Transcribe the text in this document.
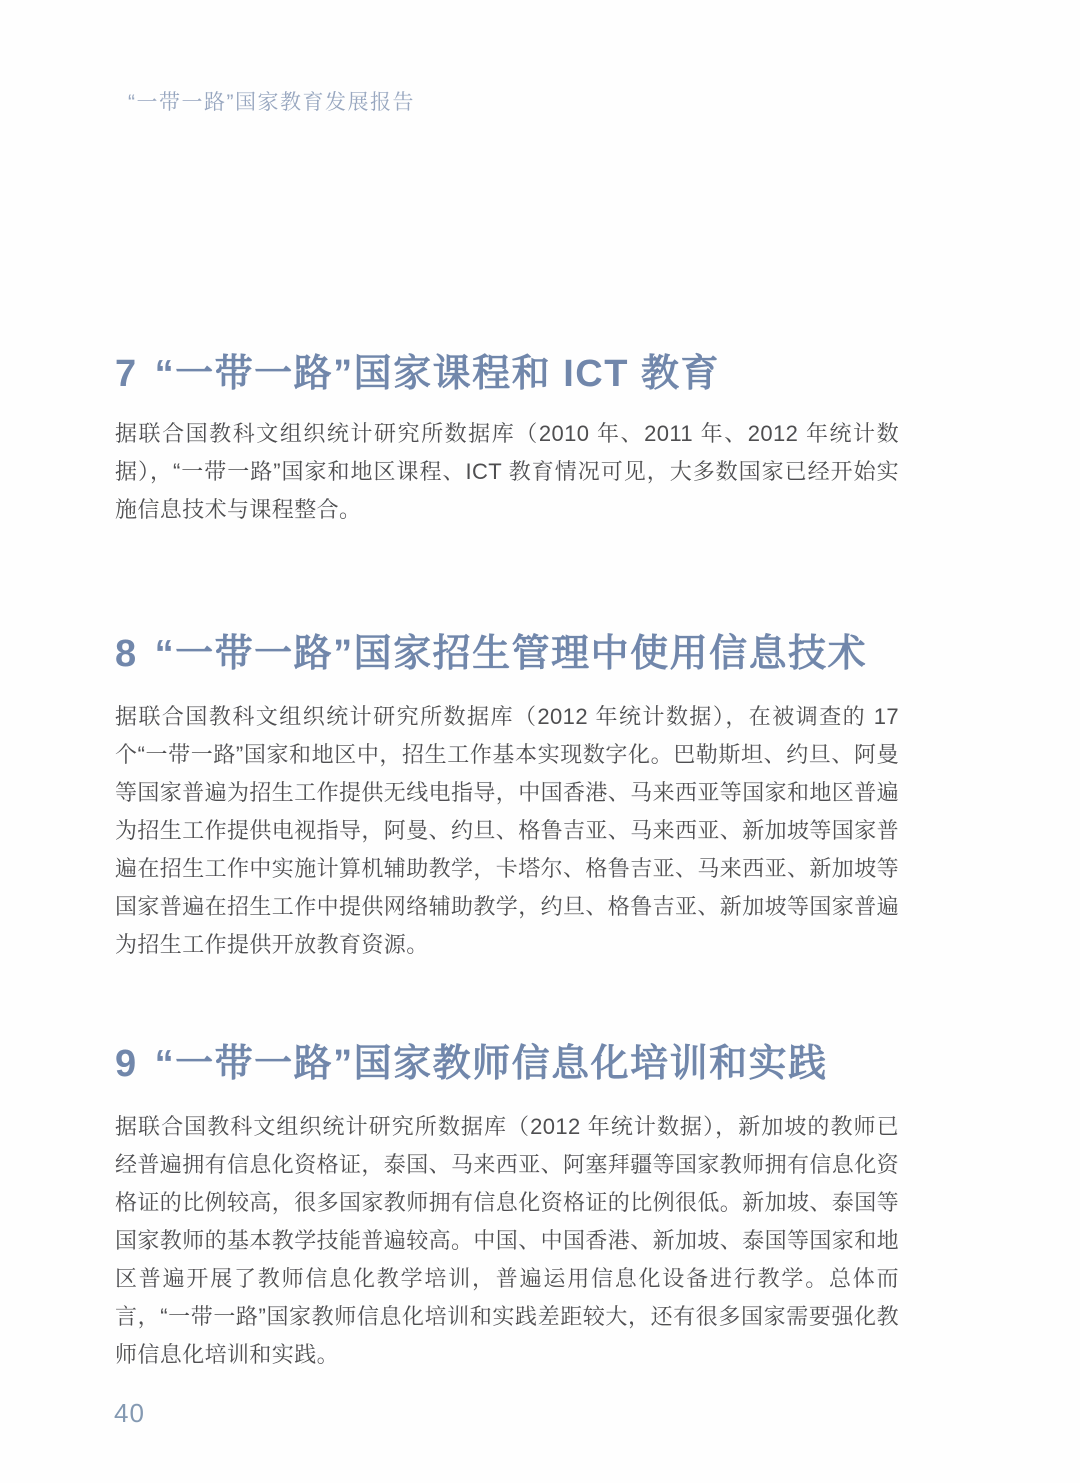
“一带一路”国家教育发展报告
7 “一带一路”国家课程和 ICT 教育

据联合国教科文组织统计研究所数据库（2010 年、2011 年、2012 年统计数据），“一带一路”国家和地区课程、ICT 教育情况可见，大多数国家已经开始实施信息技术与课程整合。

8 “一带一路”国家招生管理中使用信息技术

据联合国教科文组织统计研究所数据库（2012 年统计数据），在被调查的 17 个“一带一路”国家和地区中，招生工作基本实现数字化。巴勒斯坦、约旦、阿曼等国家普遍为招生工作提供无线电指导，中国香港、马来西亚等国家和地区普遍为招生工作提供电视指导，阿曼、约旦、格鲁吉亚、马来西亚、新加坡等国家普遍在招生工作中实施计算机辅助教学，卡塔尔、格鲁吉亚、马来西亚、新加坡等国家普遍在招生工作中提供网络辅助教学，约旦、格鲁吉亚、新加坡等国家普遍为招生工作提供开放教育资源。

9 “一带一路”国家教师信息化培训和实践

据联合国教科文组织统计研究所数据库（2012 年统计数据），新加坡的教师已经普遍拥有信息化资格证，泰国、马来西亚、阿塞拜疆等国家教师拥有信息化资格证的比例较高，很多国家教师拥有信息化资格证的比例很低。新加坡、泰国等国家教师的基本教学技能普遍较高。中国、中国香港、新加坡、泰国等国家和地区普遍开展了教师信息化教学培训，普遍运用信息化设备进行教学。总体而言，“一带一路”国家教师信息化培训和实践差距较大，还有很多国家需要强化教师信息化培训和实践。

40
